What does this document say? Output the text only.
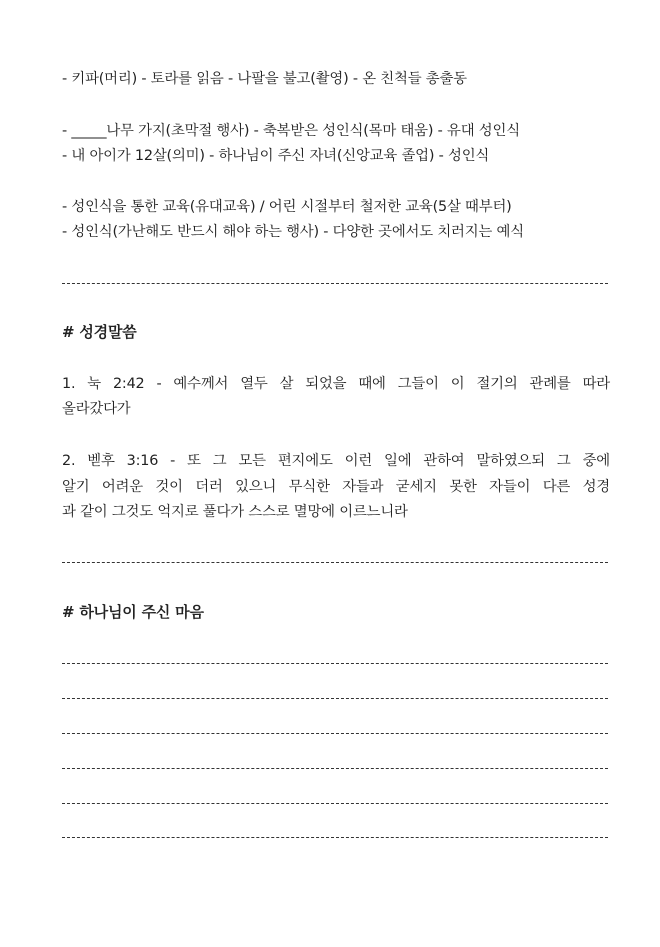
- 키파(머리) - 토라를 읽음 - 나팔을 불고(촬영) - 온 친척들 총출동
- _____나무 가지(초막절 행사) - 축복받은 성인식(목마 태움) - 유대 성인식
- 내 아이가 12살(의미) - 하나님이 주신 자녀(신앙교육 졸업) - 성인식
- 성인식을 통한 교육(유대교육) / 어린 시절부터 철저한 교육(5살 때부터)
- 성인식(가난해도 반드시 해야 하는 행사) - 다양한 곳에서도 치러지는 예식
# 성경말씀
1. 눅 2:42 - 예수께서 열두 살 되었을 때에 그들이 이 절기의 관례를 따라
올라갔다가
2. 벧후 3:16 - 또 그 모든 편지에도 이런 일에 관하여 말하였으되 그 중에
알기 어려운 것이 더러 있으니 무식한 자들과 굳세지 못한 자들이 다른 성경
과 같이 그것도 억지로 풀다가 스스로 멸망에 이르느니라
# 하나님이 주신 마음
